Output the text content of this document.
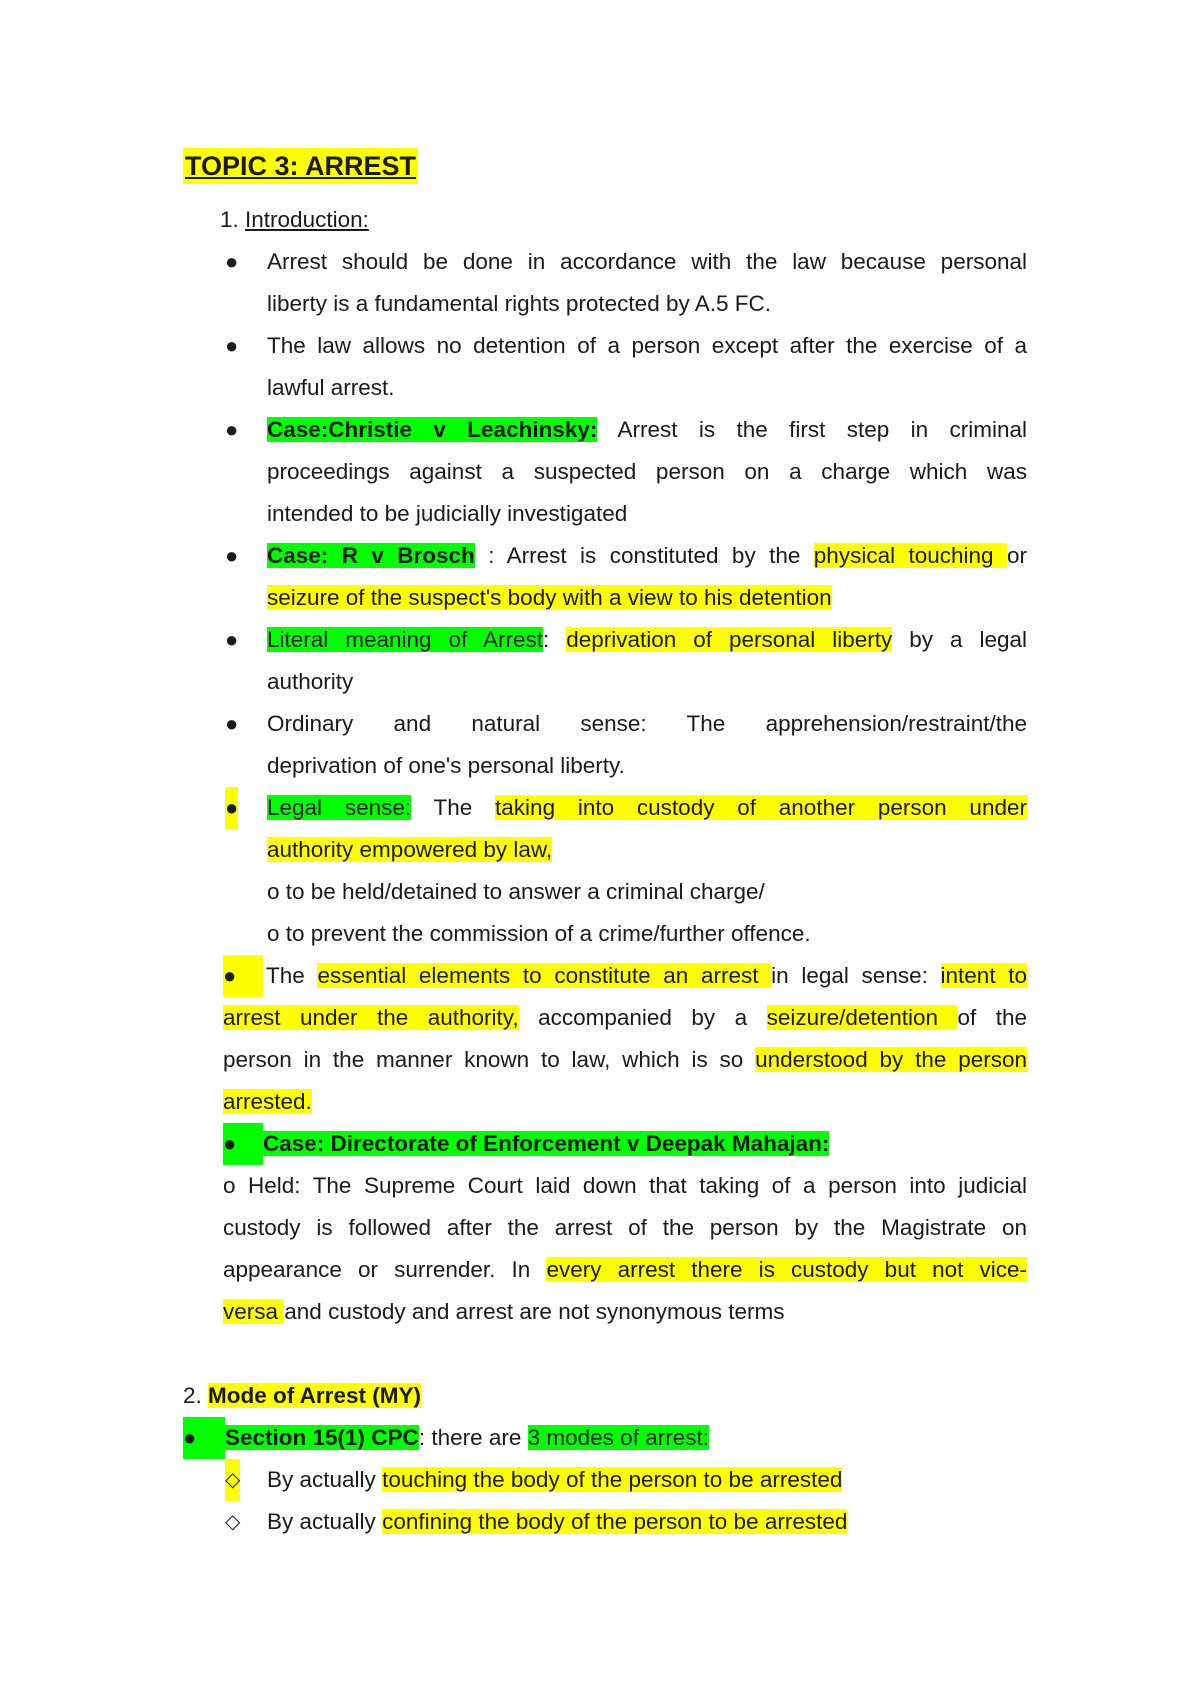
TOPIC 3: ARREST
1. Introduction:
● Arrest should be done in accordance with the law because personal
liberty is a fundamental rights protected by A.5 FC.
● The law allows no detention of a person except after the exercise of a
lawful arrest.
● Case:Christie v Leachinsky: Arrest is the first step in criminal
proceedings against a suspected person on a charge which was
intended to be judicially investigated
● Case: R v Brosch : Arrest is constituted by the physical touching or
seizure of the suspect's body with a view to his detention
● Literal meaning of Arrest: deprivation of personal liberty by a legal
authority
● Ordinary and natural sense: The apprehension/restraint/the
deprivation of one's personal liberty.
● Legal sense: The taking into custody of another person under
authority empowered by law,
o to be held/detained to answer a criminal charge/
o to prevent the commission of a crime/further offence.
●	The essential elements to constitute an arrest in legal sense: intent to
arrest under the authority, accompanied by a seizure/detention of the
person in the manner known to law, which is so understood by the person
arrested.
●	Case: Directorate of Enforcement v Deepak Mahajan:
o Held: The Supreme Court laid down that taking of a person into judicial
custody is followed after the arrest of the person by the Magistrate on
appearance or surrender. In every arrest there is custody but not vice-
versa and custody and arrest are not synonymous terms
2. Mode of Arrest (MY)
●	Section 15(1) CPC: there are 3 modes of arrest:
◇ By actually touching the body of the person to be arrested
◇ By actually confining the body of the person to be arrested
